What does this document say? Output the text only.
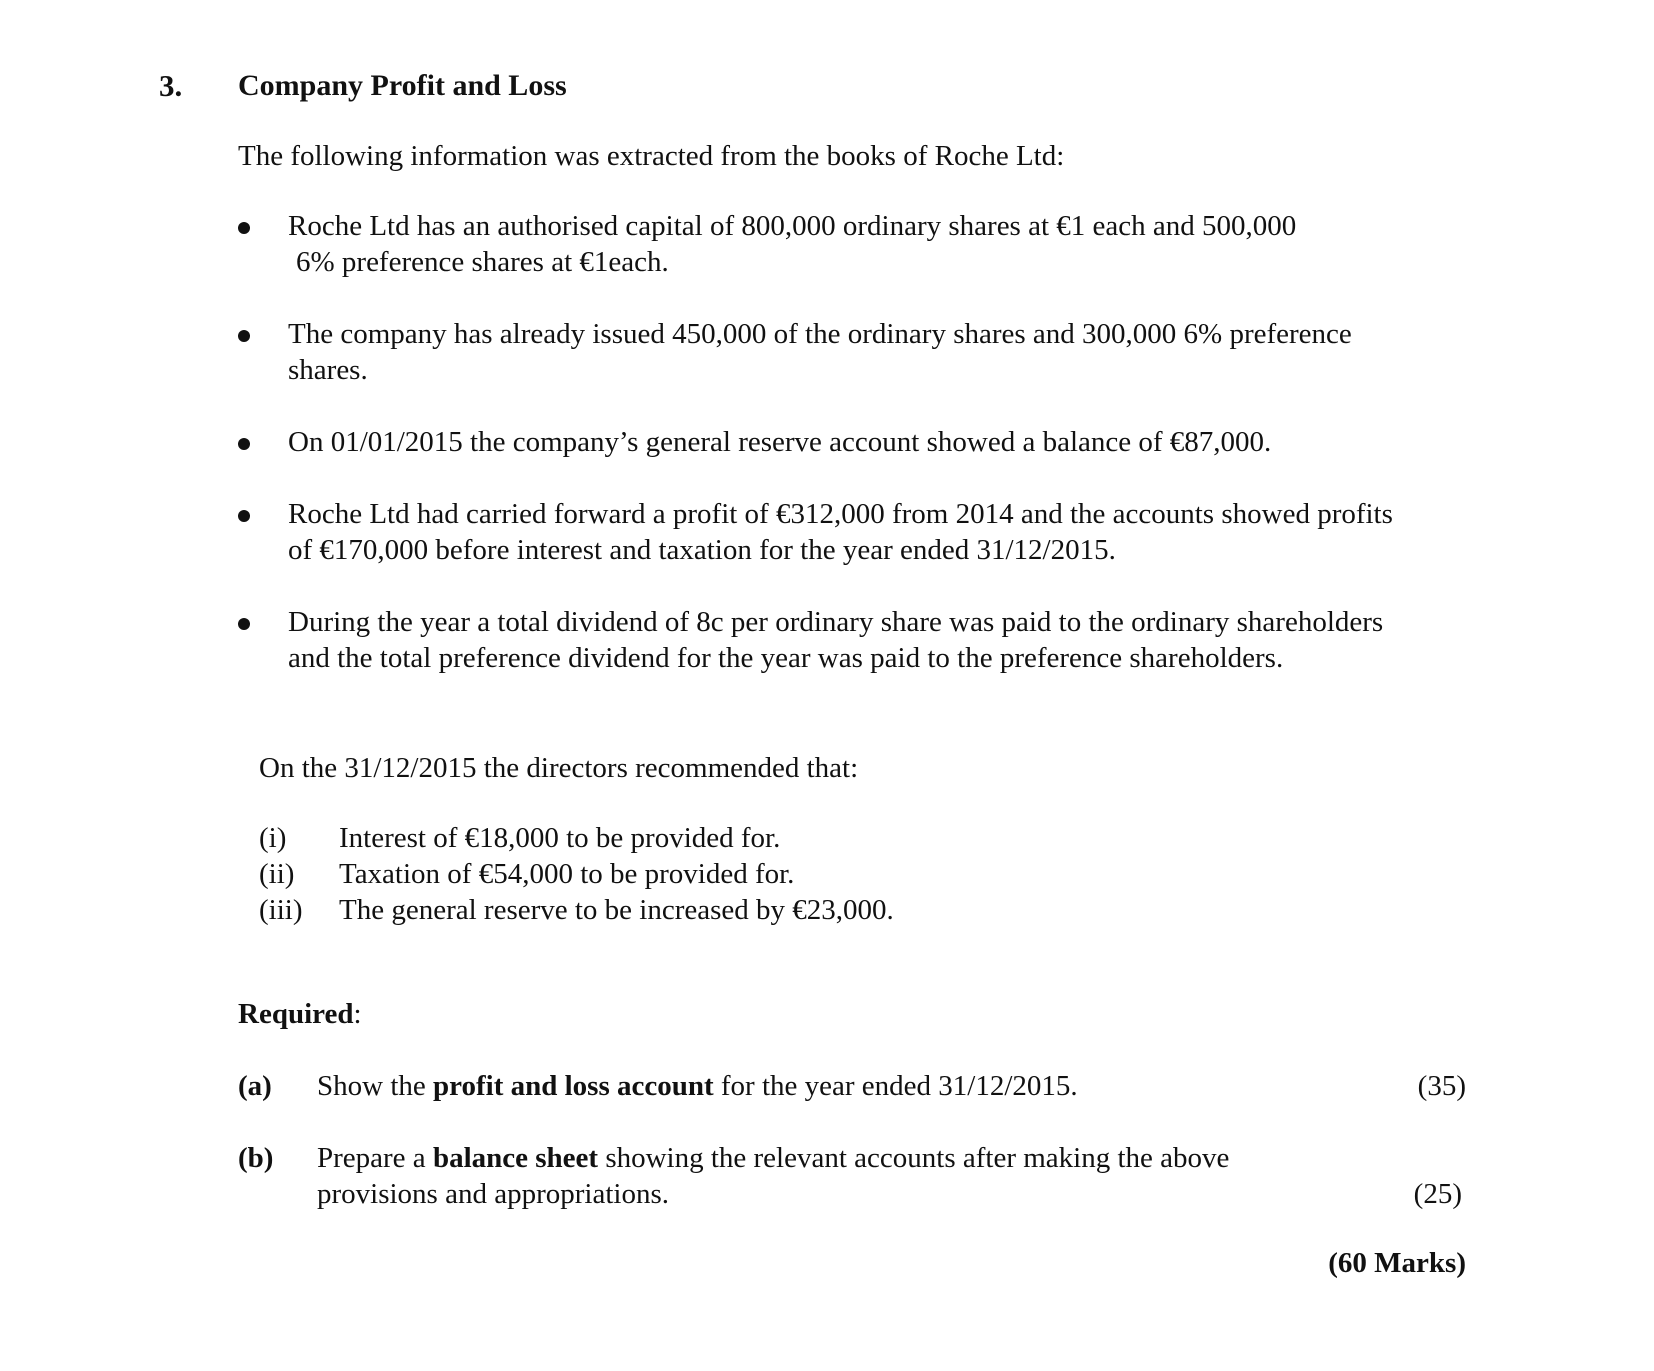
3. Company Profit and Loss
The following information was extracted from the books of Roche Ltd:
Roche Ltd has an authorised capital of 800,000 ordinary shares at €1 each and 500,000
6% preference shares at €1each.
The company has already issued 450,000 of the ordinary shares and 300,000 6% preference
shares.
On 01/01/2015 the company’s general reserve account showed a balance of €87,000.
Roche Ltd had carried forward a profit of €312,000 from 2014 and the accounts showed profits
of €170,000 before interest and taxation for the year ended 31/12/2015.
During the year a total dividend of 8c per ordinary share was paid to the ordinary shareholders
and the total preference dividend for the year was paid to the preference shareholders.
On the 31/12/2015 the directors recommended that:
(i) Interest of €18,000 to be provided for.
(ii) Taxation of €54,000 to be provided for.
(iii) The general reserve to be increased by €23,000.
Required:
(a) Show the profit and loss account for the year ended 31/12/2015.	(35)
(b) Prepare a balance sheet showing the relevant accounts after making the above
provisions and appropriations.	(25)
(60 Marks)
